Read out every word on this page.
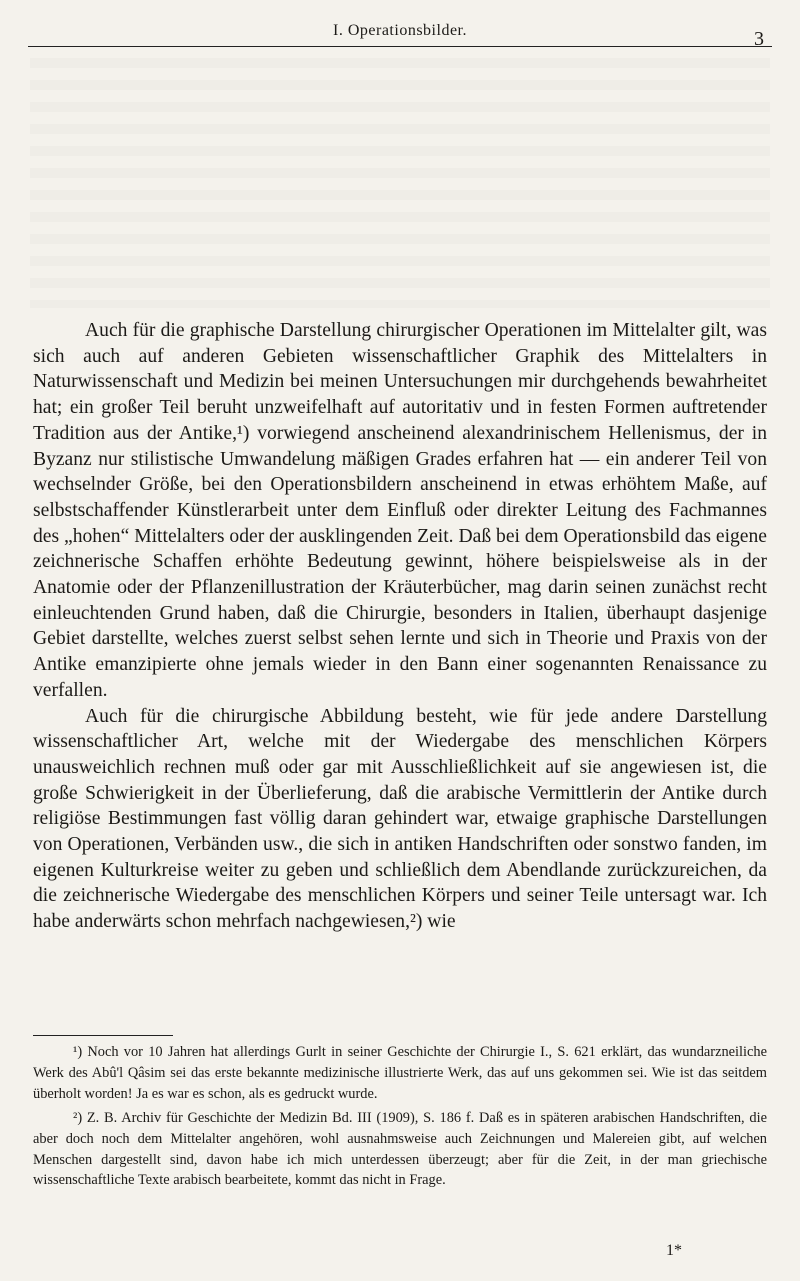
I. Operationsbilder.	3

Auch für die graphische Darstellung chirurgischer Operationen im Mittelalter gilt, was sich auch auf anderen Gebieten wissenschaftlicher Graphik des Mittelalters in Naturwissenschaft und Medizin bei meinen Untersuchungen mir durchgehends bewahrheitet hat; ein großer Teil beruht unzweifelhaft auf autoritativ und in festen Formen auftretender Tradition aus der Antike,¹) vorwiegend anscheinend alexandrinischem Hellenismus, der in Byzanz nur stilistische Umwandelung mäßigen Grades erfahren hat — ein anderer Teil von wechselnder Größe, bei den Operationsbildern anscheinend in etwas erhöhtem Maße, auf selbstschaffender Künstlerarbeit unter dem Einfluß oder direkter Leitung des Fachmannes des „hohen“ Mittelalters oder der ausklingenden Zeit. Daß bei dem Operationsbild das eigene zeichnerische Schaffen erhöhte Bedeutung gewinnt, höhere beispielsweise als in der Anatomie oder der Pflanzenillustration der Kräuterbücher, mag darin seinen zunächst recht einleuchtenden Grund haben, daß die Chirurgie, besonders in Italien, überhaupt dasjenige Gebiet darstellte, welches zuerst selbst sehen lernte und sich in Theorie und Praxis von der Antike emanzipierte ohne jemals wieder in den Bann einer sogenannten Renaissance zu verfallen.

Auch für die chirurgische Abbildung besteht, wie für jede andere Darstellung wissenschaftlicher Art, welche mit der Wiedergabe des menschlichen Körpers unausweichlich rechnen muß oder gar mit Ausschließlichkeit auf sie angewiesen ist, die große Schwierigkeit in der Überlieferung, daß die arabische Vermittlerin der Antike durch religiöse Bestimmungen fast völlig daran gehindert war, etwaige graphische Darstellungen von Operationen, Verbänden usw., die sich in antiken Handschriften oder sonstwo fanden, im eigenen Kulturkreise weiter zu geben und schließlich dem Abendlande zurückzureichen, da die zeichnerische Wiedergabe des menschlichen Körpers und seiner Teile untersagt war. Ich habe anderwärts schon mehrfach nachgewiesen,²) wie

¹) Noch vor 10 Jahren hat allerdings Gurlt in seiner Geschichte der Chirurgie I., S. 621 erklärt, das wundarzneiliche Werk des Abû'l Qâsim sei das erste bekannte medizinische illustrierte Werk, das auf uns gekommen sei. Wie ist das seitdem überholt worden! Ja es war es schon, als es gedruckt wurde.

²) Z. B. Archiv für Geschichte der Medizin Bd. III (1909), S. 186 f. Daß es in späteren arabischen Handschriften, die aber doch noch dem Mittelalter angehören, wohl ausnahmsweise auch Zeichnungen und Malereien gibt, auf welchen Menschen dargestellt sind, davon habe ich mich unterdessen überzeugt; aber für die Zeit, in der man griechische wissenschaftliche Texte arabisch bearbeitete, kommt das nicht in Frage.

1*
